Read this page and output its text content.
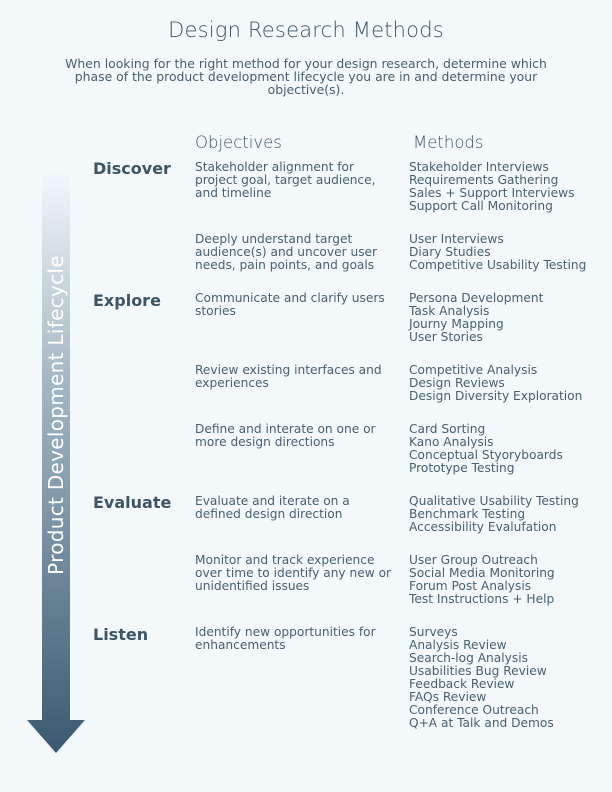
Design Research Methods
When looking for the right method for your design research, determine which phase of the product development lifecycle you are in and determine your objective(s).
Product Development Lifecycle
Objectives	Methods
Discover
Explore
Evaluate
Listen
Stakeholder alignment for project goal, target audience, and timeline
Stakeholder Interviews
Requirements Gathering
Sales + Support Interviews
Support Call Monitoring
Deeply understand target audience(s) and uncover user needs, pain points, and goals
User Interviews
Diary Studies
Competitive Usability Testing
Communicate and clarify users stories
Persona Development
Task Analysis
Journy Mapping
User Stories
Review existing interfaces and experiences
Competitive Analysis
Design Reviews
Design Diversity Exploration
Define and interate on one or more design directions
Card Sorting
Kano Analysis
Conceptual Styoryboards
Prototype Testing
Evaluate and iterate on a defined design direction
Qualitative Usability Testing
Benchmark Testing
Accessibility Evalufation
Monitor and track experience over time to identify any new or unidentified issues
User Group Outreach
Social Media Monitoring
Forum Post Analysis
Test Instructions + Help
Identify new opportunities for enhancements
Surveys
Analysis Review
Search-log Analysis
Usabilities Bug Review
Feedback Review
FAQs Review
Conference Outreach
Q+A at Talk and Demos
